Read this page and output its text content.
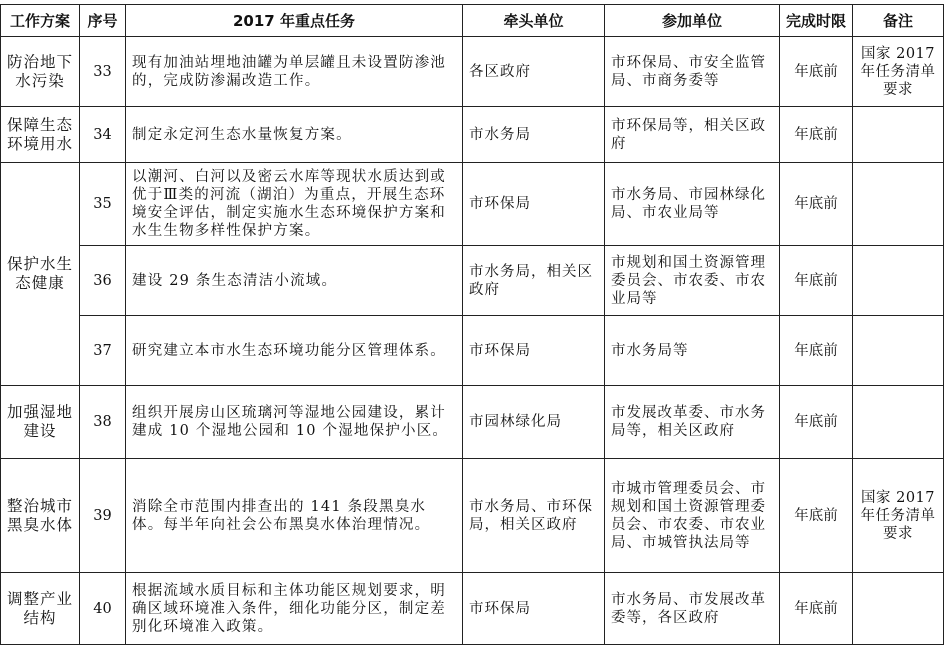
工作方案	序号	2017 年重点任务	牵头单位	参加单位	完成时限	备注
防治地下水污染	33	现有加油站埋地油罐为单层罐且未设置防渗池的，完成防渗漏改造工作。	各区政府	市环保局、市安全监管局、市商务委等	年底前	国家 2017 年任务清单要求
保障生态环境用水	34	制定永定河生态水量恢复方案。	市水务局	市环保局等，相关区政府	年底前	
保护水生态健康	35	以潮河、白河以及密云水库等现状水质达到或优于Ⅲ类的河流（湖泊）为重点，开展生态环境安全评估，制定实施水生态环境保护方案和水生生物多样性保护方案。	市环保局	市水务局、市园林绿化局、市农业局等	年底前	
	36	建设 29 条生态清洁小流域。	市水务局，相关区政府	市规划和国土资源管理委员会、市农委、市农业局等	年底前	
	37	研究建立本市水生态环境功能分区管理体系。	市环保局	市水务局等	年底前	
加强湿地建设	38	组织开展房山区琉璃河等湿地公园建设，累计建成 10 个湿地公园和 10 个湿地保护小区。	市园林绿化局	市发展改革委、市水务局等，相关区政府	年底前	
整治城市黑臭水体	39	消除全市范围内排查出的 141 条段黑臭水体。每半年向社会公布黑臭水体治理情况。	市水务局、市环保局，相关区政府	市城市管理委员会、市规划和国土资源管理委员会、市农委、市农业局、市城管执法局等	年底前	国家 2017 年任务清单要求
调整产业结构	40	根据流域水质目标和主体功能区规划要求，明确区域环境准入条件，细化功能分区，制定差别化环境准入政策。	市环保局	市水务局、市发展改革委等，各区政府	年底前	
